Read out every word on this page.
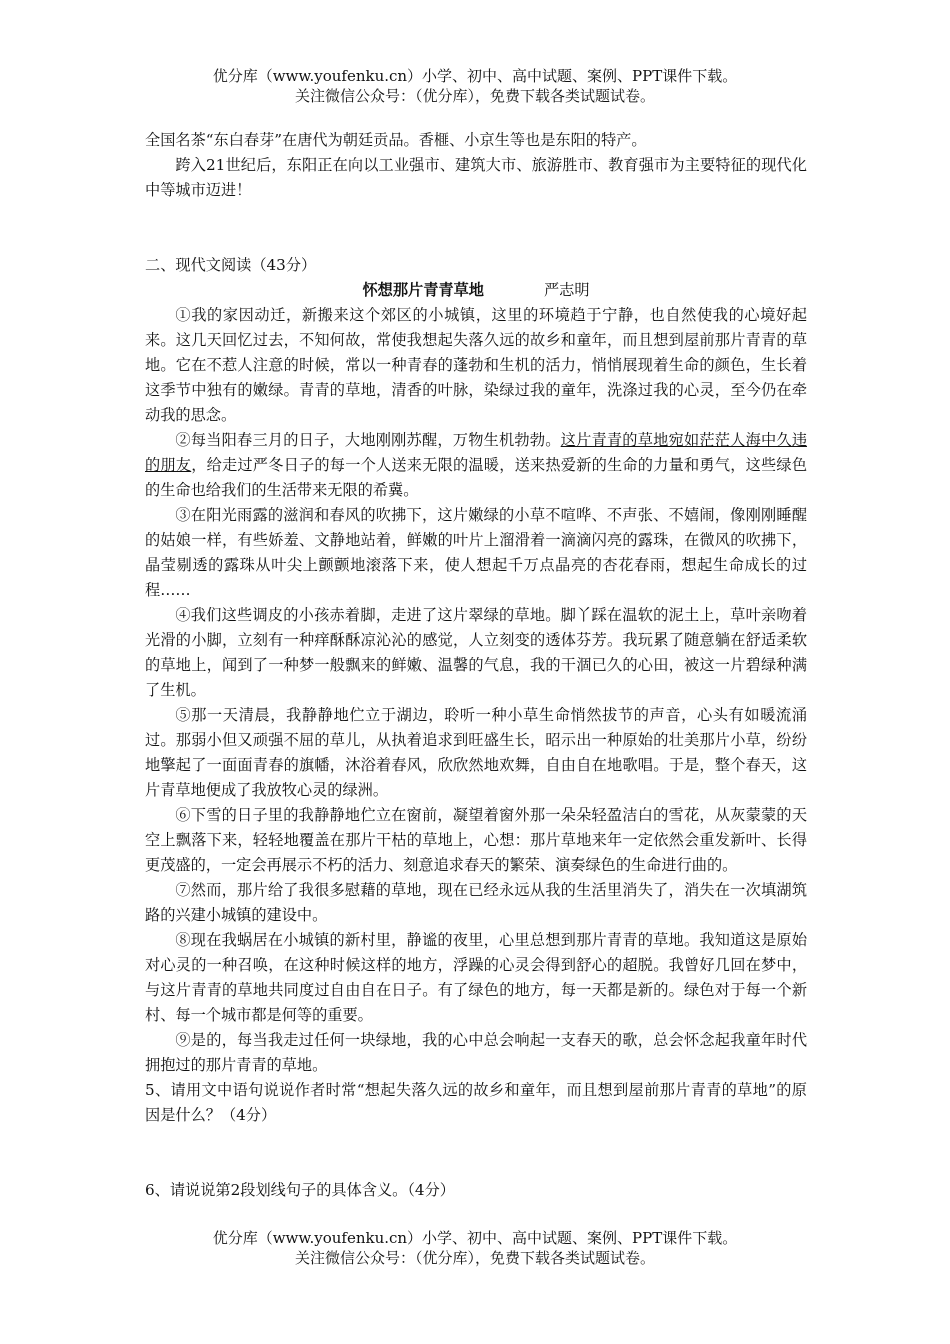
优分库（www.youfenku.cn）小学、初中、高中试题、案例、PPT课件下载。
关注微信公众号：（优分库），免费下载各类试题试卷。

全国名茶“东白春芽”在唐代为朝廷贡品。香榧、小京生等也是东阳的特产。

跨入21世纪后，东阳正在向以工业强市、建筑大市、旅游胜市、教育强市为主要特征的现代化中等城市迈进！

二、现代文阅读（43分）

怀想那片青青草地	严志明

①我的家因动迁，新搬来这个郊区的小城镇，这里的环境趋于宁静，也自然使我的心境好起来。这几天回忆过去，不知何故，常使我想起失落久远的故乡和童年，而且想到屋前那片青青的草地。它在不惹人注意的时候，常以一种青春的蓬勃和生机的活力，悄悄展现着生命的颜色，生长着这季节中独有的嫩绿。青青的草地，清香的叶脉，染绿过我的童年，洗涤过我的心灵，至今仍在牵动我的思念。

②每当阳春三月的日子，大地刚刚苏醒，万物生机勃勃。这片青青的草地宛如茫茫人海中久违的朋友，给走过严冬日子的每一个人送来无限的温暖，送来热爱新的生命的力量和勇气，这些绿色的生命也给我们的生活带来无限的希冀。

③在阳光雨露的滋润和春风的吹拂下，这片嫩绿的小草不喧哗、不声张、不嬉闹，像刚刚睡醒的姑娘一样，有些娇羞、文静地站着，鲜嫩的叶片上溜滑着一滴滴闪亮的露珠，在微风的吹拂下，晶莹剔透的露珠从叶尖上颤颤地滚落下来，使人想起千万点晶亮的杏花春雨，想起生命成长的过程……

④我们这些调皮的小孩赤着脚，走进了这片翠绿的草地。脚丫踩在温软的泥土上，草叶亲吻着光滑的小脚，立刻有一种痒酥酥凉沁沁的感觉，人立刻变的透体芬芳。我玩累了随意躺在舒适柔软的草地上，闻到了一种梦一般飘来的鲜嫩、温馨的气息，我的干涸已久的心田，被这一片碧绿种满了生机。

⑤那一天清晨，我静静地伫立于湖边，聆听一种小草生命悄然拔节的声音，心头有如暖流涌过。那弱小但又顽强不屈的草儿，从执着追求到旺盛生长，昭示出一种原始的壮美那片小草，纷纷地擎起了一面面青春的旗幡，沐浴着春风，欣欣然地欢舞，自由自在地歌唱。于是，整个春天，这片青草地便成了我放牧心灵的绿洲。

⑥下雪的日子里的我静静地伫立在窗前，凝望着窗外那一朵朵轻盈洁白的雪花，从灰蒙蒙的天空上飘落下来，轻轻地覆盖在那片干枯的草地上，心想：那片草地来年一定依然会重发新叶、长得更茂盛的，一定会再展示不朽的活力、刻意追求春天的繁荣、演奏绿色的生命进行曲的。

⑦然而，那片给了我很多慰藉的草地，现在已经永远从我的生活里消失了，消失在一次填湖筑路的兴建小城镇的建设中。

⑧现在我蜗居在小城镇的新村里，静谧的夜里，心里总想到那片青青的草地。我知道这是原始对心灵的一种召唤，在这种时候这样的地方，浮躁的心灵会得到舒心的超脱。我曾好几回在梦中，与这片青青的草地共同度过自由自在日子。有了绿色的地方，每一天都是新的。绿色对于每一个新村、每一个城市都是何等的重要。

⑨是的，每当我走过任何一块绿地，我的心中总会响起一支春天的歌，总会怀念起我童年时代拥抱过的那片青青的草地。

5、请用文中语句说说作者时常“想起失落久远的故乡和童年，而且想到屋前那片青青的草地”的原因是什么？（4分）

6、请说说第2段划线句子的具体含义。（4分）

优分库（www.youfenku.cn）小学、初中、高中试题、案例、PPT课件下载。
关注微信公众号：（优分库），免费下载各类试题试卷。
